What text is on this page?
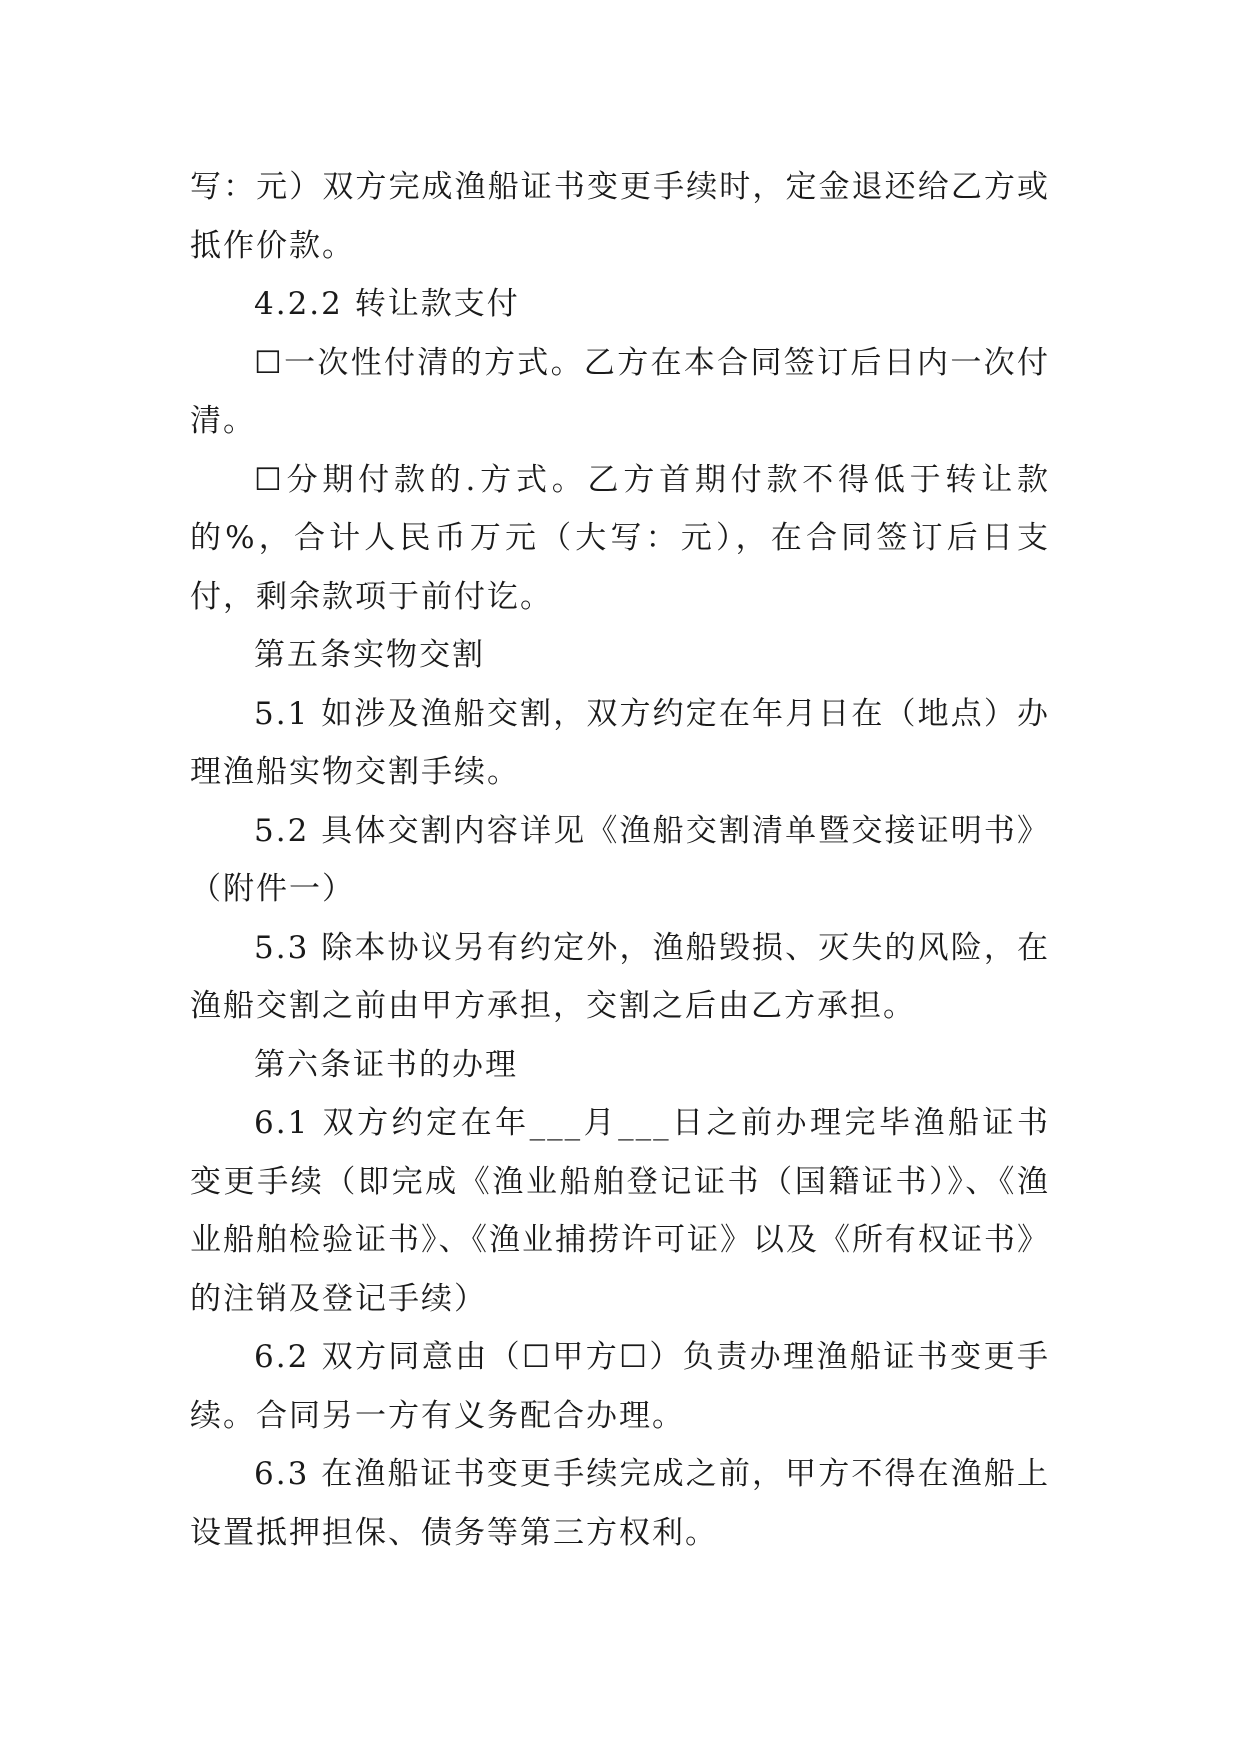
写：元）双方完成渔船证书变更手续时，定金退还给乙方或抵作价款。

4.2.2 转让款支付

☐一次性付清的方式。乙方在本合同签订后日内一次付清。

☐分期付款的.方式。乙方首期付款不得低于转让款的%，合计人民币万元（大写：元），在合同签订后日支付，剩余款项于前付讫。

第五条实物交割

5.1 如涉及渔船交割，双方约定在年月日在（地点）办理渔船实物交割手续。

5.2 具体交割内容详见《渔船交割清单暨交接证明书》（附件一）

5.3 除本协议另有约定外，渔船毁损、灭失的风险，在渔船交割之前由甲方承担，交割之后由乙方承担。

第六条证书的办理

6.1 双方约定在年___月___日之前办理完毕渔船证书变更手续（即完成《渔业船舶登记证书（国籍证书）》、《渔业船舶检验证书》、《渔业捕捞许可证》以及《所有权证书》的注销及登记手续）

6.2 双方同意由（☐甲方☐）负责办理渔船证书变更手续。合同另一方有义务配合办理。

6.3 在渔船证书变更手续完成之前，甲方不得在渔船上设置抵押担保、债务等第三方权利。
